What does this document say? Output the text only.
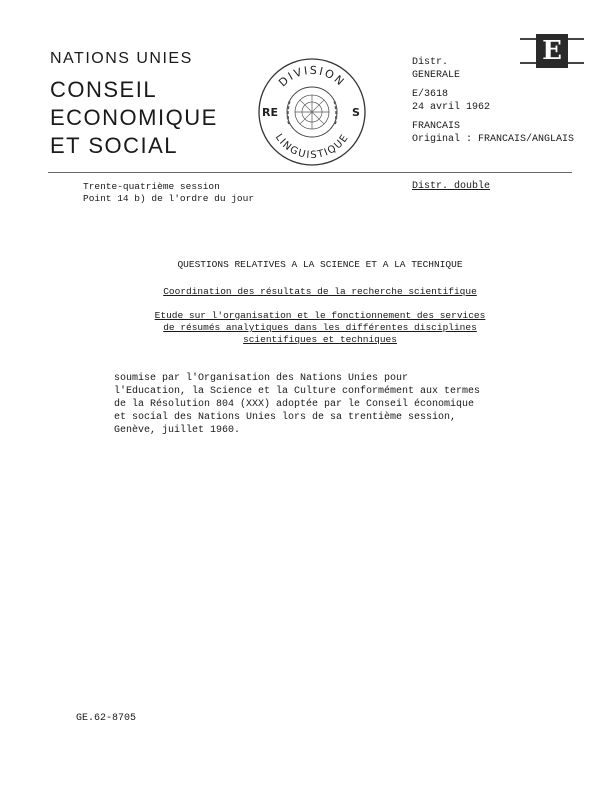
NATIONS UNIES
CONSEIL
ECONOMIQUE
ET SOCIAL
DIVISION
LINGUISTIQUE
RE	S
E
Distr.
GENERALE
E/3618
24 avril 1962
FRANCAIS
Original : FRANCAIS/ANGLAIS
Trente-quatrième session
Point 14 b) de l'ordre du jour
Distr. double
QUESTIONS RELATIVES A LA SCIENCE ET A LA TECHNIQUE
Coordination des résultats de la recherche scientifique
Etude sur l'organisation et le fonctionnement des services
de résumés analytiques dans les différentes disciplines
scientifiques et techniques
soumise par l'Organisation des Nations Unies pour l'Education, la Science et la Culture conformément aux termes de la Résolution 804 (XXX) adoptée par le Conseil économique et social des Nations Unies lors de sa trentième session, Genève, juillet 1960.
GE.62-8705
